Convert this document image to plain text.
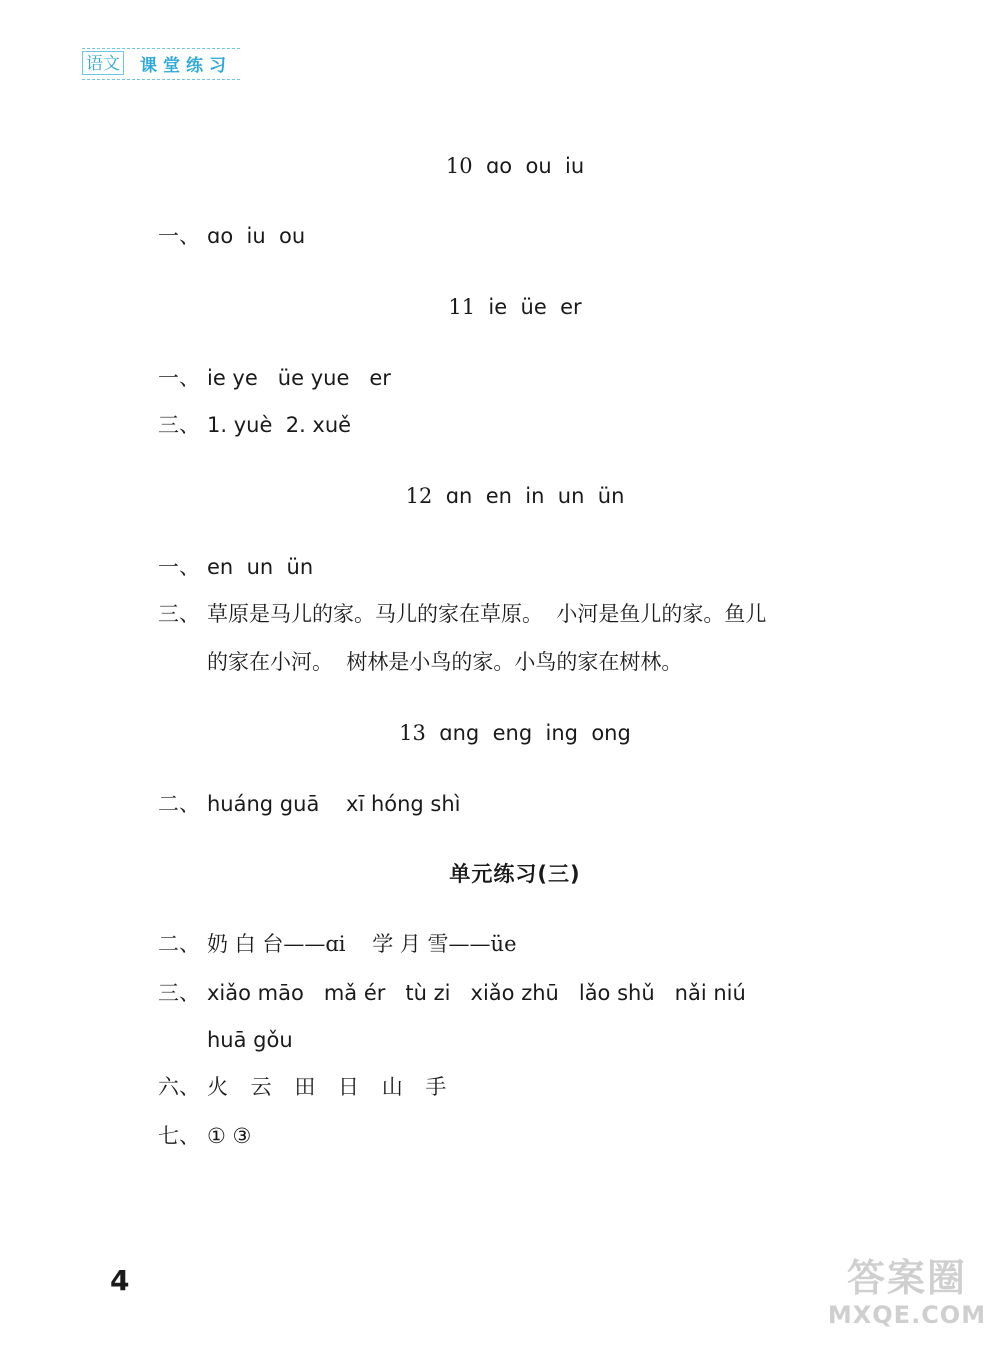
语文 课堂练习
10 ɑo  ou  iu
一、 ɑo  iu  ou
11 ie  üe  er
一、 ie ye   üe yue   er
三、 1. yuè  2. xuě
12 ɑn  en  in  un  ün
一、 en  un  ün
三、 草原是马儿的家。马儿的家在草原。  小河是鱼儿的家。鱼儿
的家在小河。  树林是小鸟的家。小鸟的家在树林。
13 ɑng  eng  ing  ong
二、 huáng guā    xī hóng shì
单元练习(三)
二、 奶 白 台——ɑi    学 月 雪——üe
三、 xiǎo māo   mǎ ér   tù zi   xiǎo zhū   lǎo shǔ   nǎi niú
huā gǒu
六、 火 云 田 日 山 手
七、 ① ③
4	答案圈
MXQE.COM
